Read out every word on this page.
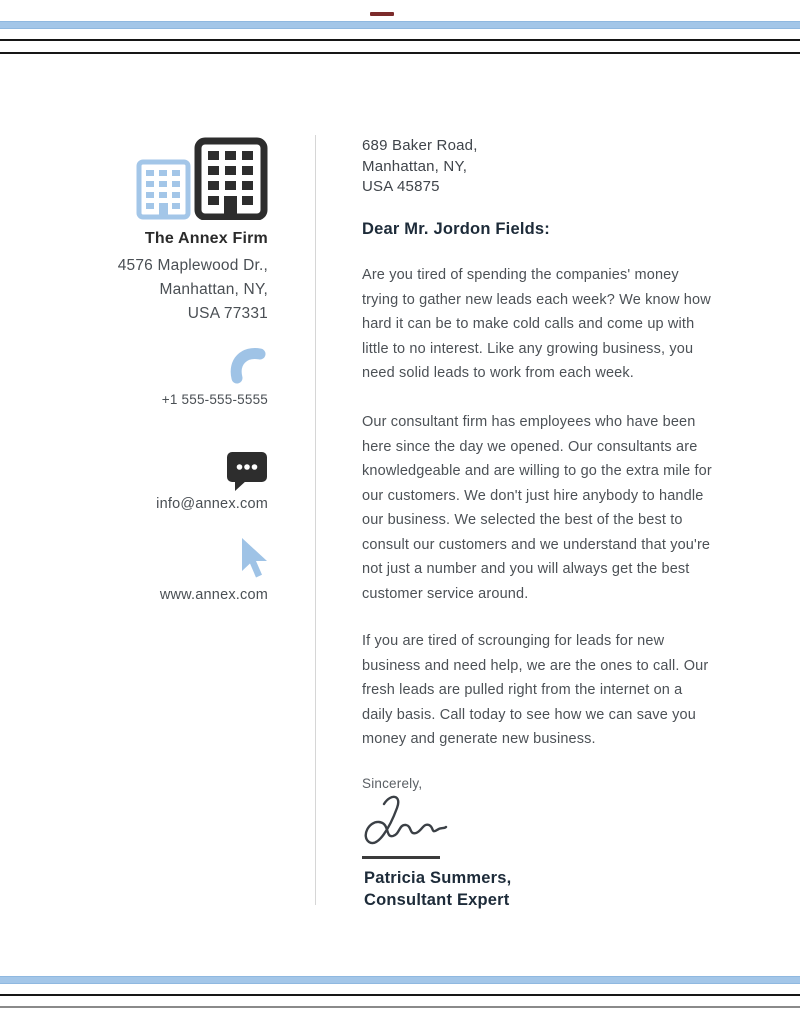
The Annex Firm
4576 Maplewood Dr.,
Manhattan, NY,
USA 77331
+1 555-555-5555
info@annex.com
www.annex.com
689 Baker Road,
Manhattan, NY,
USA 45875
Dear Mr. Jordon Fields:
Are you tired of spending the companies' money trying to gather new leads each week? We know how hard it can be to make cold calls and come up with little to no interest. Like any growing business, you need solid leads to work from each week.
Our consultant firm has employees who have been here since the day we opened. Our consultants are knowledgeable and are willing to go the extra mile for our customers. We don't just hire anybody to handle our business. We selected the best of the best to consult our customers and we understand that you're not just a number and you will always get the best customer service around.
If you are tired of scrounging for leads for new business and need help, we are the ones to call. Our fresh leads are pulled right from the internet on a daily basis. Call today to see how we can save you money and generate new business.
Sincerely,
Patricia Summers,
Consultant Expert
